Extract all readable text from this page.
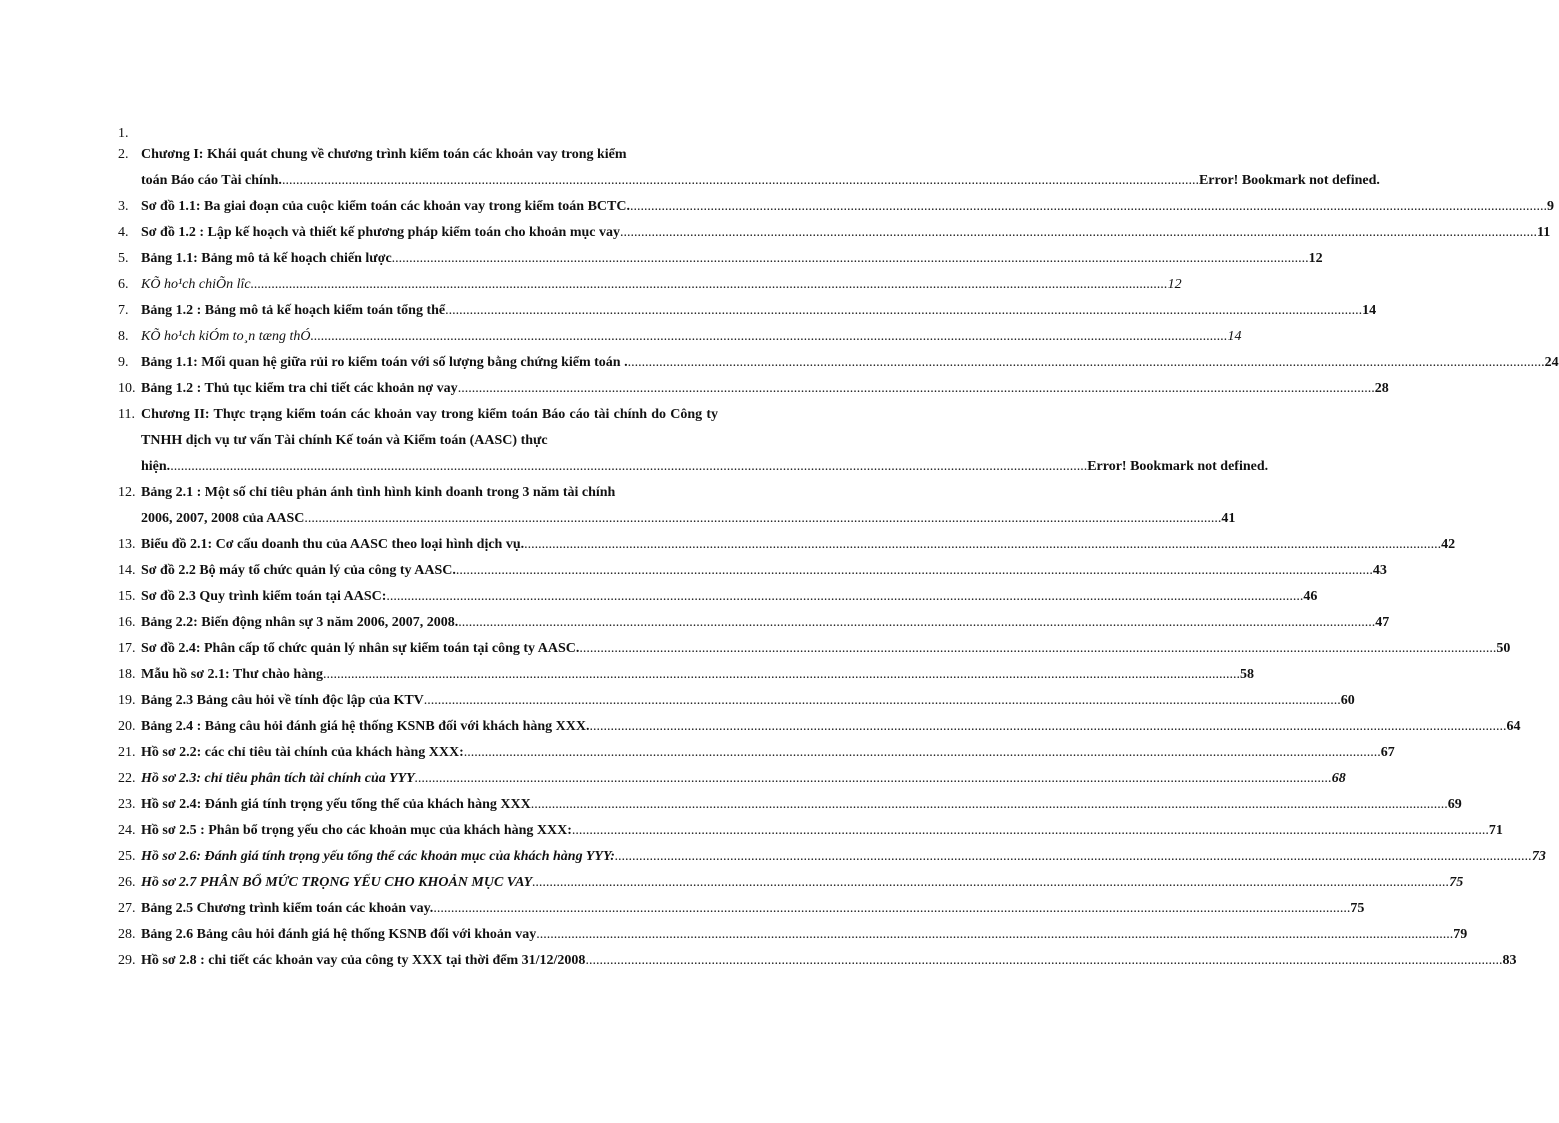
1.
2. Chương I: Khái quát chung về chương trình kiểm toán các khoản vay trong kiểm
toán Báo cáo Tài chính. ...................................................................................................................................................................................................................................................................... Error! Bookmark not defined.
3. Sơ đồ 1.1: Ba giai đoạn của cuộc kiểm toán các khoản vay trong kiểm toán BCTC. ...................................................................................................................................................................................................................................................................... 9
4. Sơ đồ 1.2 : Lập kế hoạch và thiết kế phương pháp kiểm toán cho khoản mục vay ...................................................................................................................................................................................................................................................................... 11
5. Bảng 1.1: Bảng mô tả kế hoạch chiến lược ...................................................................................................................................................................................................................................................................... 12
6. KÕ ho¹ch chiÕn lîc ...................................................................................................................................................................................................................................................................... 12
7. Bảng 1.2 : Bảng mô tả kế hoạch kiểm toán tổng thể ...................................................................................................................................................................................................................................................................... 14
8. KÕ ho¹ch kiÓm to¸n tæng thÓ ...................................................................................................................................................................................................................................................................... 14
9. Bảng 1.1: Mối quan hệ giữa rủi ro kiểm toán với số lượng bằng chứng kiểm toán . ...................................................................................................................................................................................................................................................................... 24
10. Bảng 1.2 : Thủ tục kiểm tra chi tiết các khoản nợ vay ...................................................................................................................................................................................................................................................................... 28
11. Chương II: Thực trạng kiểm toán các khoản vay trong kiểm toán Báo cáo tài chính do Công ty TNHH dịch vụ tư vấn Tài chính Kế toán và Kiểm toán (AASC) thực
hiện. ...................................................................................................................................................................................................................................................................... Error! Bookmark not defined.
12. Bảng 2.1 : Một số chỉ tiêu phản ánh tình hình kinh doanh trong 3 năm tài chính
2006, 2007, 2008 của AASC ...................................................................................................................................................................................................................................................................... 41
13. Biểu đồ 2.1: Cơ cấu doanh thu của AASC theo loại hình dịch vụ. ...................................................................................................................................................................................................................................................................... 42
14. Sơ đồ 2.2 Bộ máy tổ chức quản lý của công ty AASC. ...................................................................................................................................................................................................................................................................... 43
15. Sơ đồ 2.3 Quy trình kiểm toán tại AASC: ...................................................................................................................................................................................................................................................................... 46
16. Bảng 2.2: Biến động nhân sự 3 năm 2006, 2007, 2008. ...................................................................................................................................................................................................................................................................... 47
17. Sơ đồ 2.4: Phân cấp tổ chức quản lý nhân sự kiểm toán tại công ty AASC. ...................................................................................................................................................................................................................................................................... 50
18. Mẫu hồ sơ 2.1: Thư chào hàng ...................................................................................................................................................................................................................................................................... 58
19. Bảng 2.3 Bảng câu hỏi về tính độc lập của KTV ...................................................................................................................................................................................................................................................................... 60
20. Bảng 2.4 : Bảng câu hỏi đánh giá hệ thống KSNB đối với khách hàng XXX. ...................................................................................................................................................................................................................................................................... 64
21. Hồ sơ 2.2: các chỉ tiêu tài chính của khách hàng XXX: ...................................................................................................................................................................................................................................................................... 67
22. Hồ sơ 2.3: chỉ tiêu phân tích tài chính của YYY ...................................................................................................................................................................................................................................................................... 68
23. Hồ sơ 2.4: Đánh giá tính trọng yếu tổng thể của khách hàng XXX ...................................................................................................................................................................................................................................................................... 69
24. Hồ sơ 2.5 : Phân bổ trọng yếu cho các khoản mục của khách hàng XXX: ...................................................................................................................................................................................................................................................................... 71
25. Hồ sơ 2.6: Đánh giá tính trọng yếu tổng thể các khoản mục của khách hàng YYY: ...................................................................................................................................................................................................................................................................... 73
26. Hồ sơ 2.7 PHÂN BỔ MỨC TRỌNG YẾU CHO KHOẢN MỤC VAY ...................................................................................................................................................................................................................................................................... 75
27. Bảng 2.5 Chương trình kiểm toán các khoản vay. ...................................................................................................................................................................................................................................................................... 75
28. Bảng 2.6 Bảng câu hỏi đánh giá hệ thống KSNB đối với khoản vay ...................................................................................................................................................................................................................................................................... 79
29. Hồ sơ 2.8 : chi tiết các khoản vay của công ty XXX tại thời đểm 31/12/2008 ...................................................................................................................................................................................................................................................................... 83
